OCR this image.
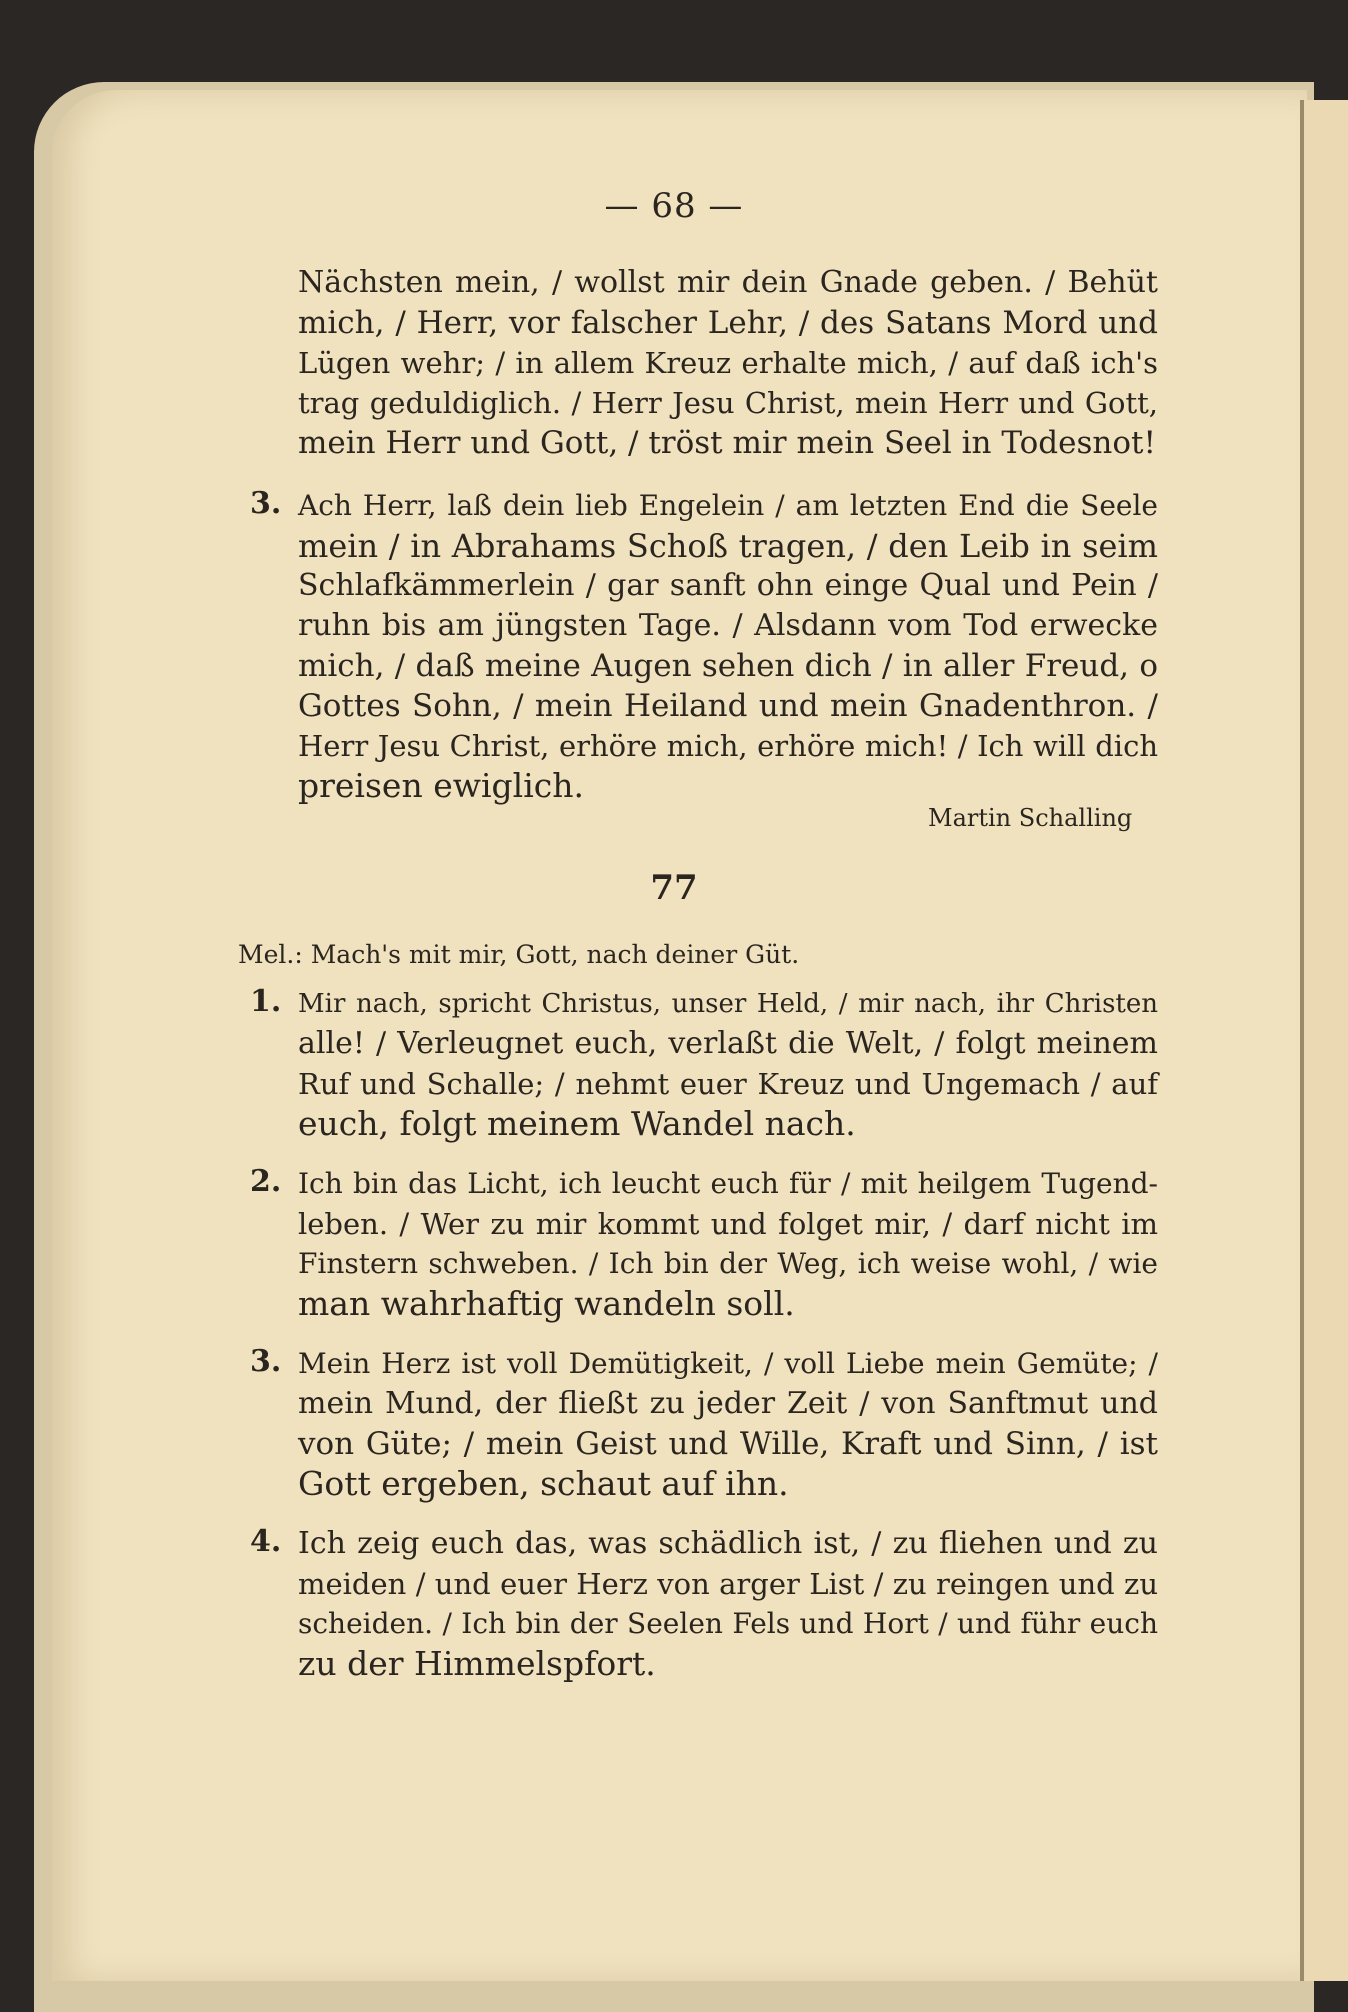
— 68 —
Nächsten mein, / wollst mir dein Gnade geben. / Behüt
mich, / Herr, vor falscher Lehr, / des Satans Mord und
Lügen wehr; / in allem Kreuz erhalte mich, / auf daß ich's
trag geduldiglich. / Herr Jesu Christ, mein Herr und Gott,
mein Herr und Gott, / tröst mir mein Seel in Todesnot!
3. Ach Herr, laß dein lieb Engelein / am letzten End die Seele
mein / in Abrahams Schoß tragen, / den Leib in seim
Schlafkämmerlein / gar sanft ohn einge Qual und Pein /
ruhn bis am jüngsten Tage. / Alsdann vom Tod erwecke
mich, / daß meine Augen sehen dich / in aller Freud, o
Gottes Sohn, / mein Heiland und mein Gnadenthron. /
Herr Jesu Christ, erhöre mich, erhöre mich! / Ich will dich
preisen ewiglich.
Martin Schalling
77
Mel.: Mach's mit mir, Gott, nach deiner Güt.
1. Mir nach, spricht Christus, unser Held, / mir nach, ihr Christen
alle! / Verleugnet euch, verlaßt die Welt, / folgt meinem
Ruf und Schalle; / nehmt euer Kreuz und Ungemach / auf
euch, folgt meinem Wandel nach.
2. Ich bin das Licht, ich leucht euch für / mit heilgem Tugend-
leben. / Wer zu mir kommt und folget mir, / darf nicht im
Finstern schweben. / Ich bin der Weg, ich weise wohl, / wie
man wahrhaftig wandeln soll.
3. Mein Herz ist voll Demütigkeit, / voll Liebe mein Gemüte; /
mein Mund, der fließt zu jeder Zeit / von Sanftmut und
von Güte; / mein Geist und Wille, Kraft und Sinn, / ist
Gott ergeben, schaut auf ihn.
4. Ich zeig euch das, was schädlich ist, / zu fliehen und zu
meiden / und euer Herz von arger List / zu reingen und zu
scheiden. / Ich bin der Seelen Fels und Hort / und führ euch
zu der Himmelspfort.
